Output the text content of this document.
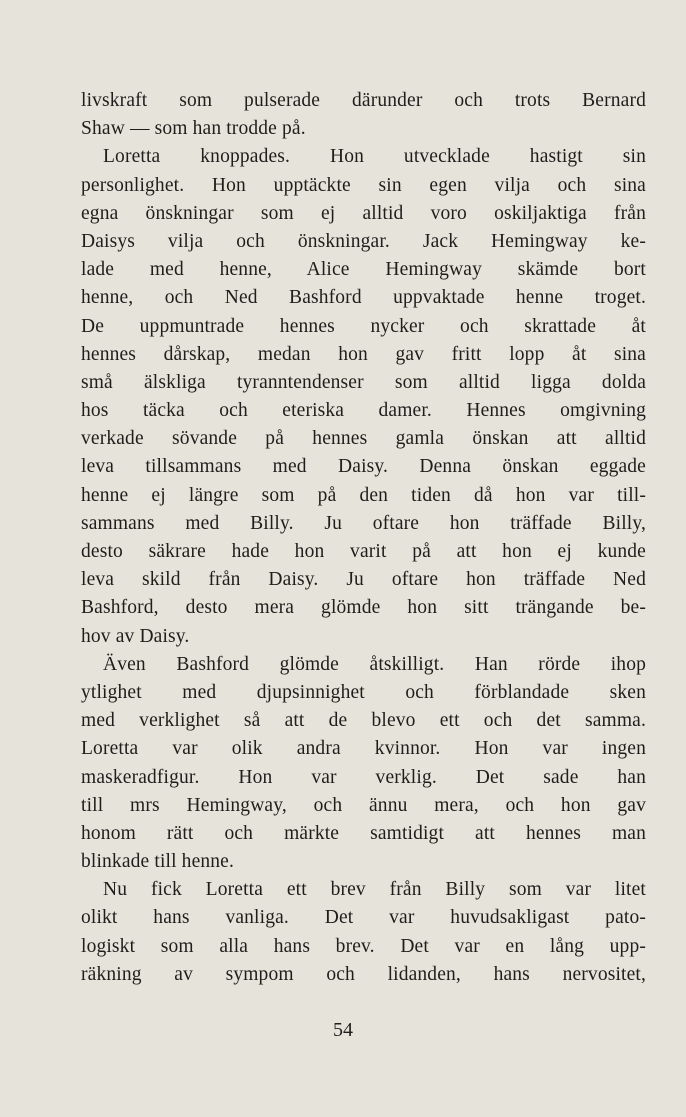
livskraft som pulserade därunder och trots Bernard
Shaw — som han trodde på.
Loretta knoppades. Hon utvecklade hastigt sin
personlighet. Hon upptäckte sin egen vilja och sina
egna önskningar som ej alltid voro oskiljaktiga från
Daisys vilja och önskningar. Jack Hemingway ke-
lade med henne, Alice Hemingway skämde bort
henne, och Ned Bashford uppvaktade henne troget.
De uppmuntrade hennes nycker och skrattade åt
hennes dårskap, medan hon gav fritt lopp åt sina
små älskliga tyranntendenser som alltid ligga dolda
hos täcka och eteriska damer. Hennes omgivning
verkade sövande på hennes gamla önskan att alltid
leva tillsammans med Daisy. Denna önskan eggade
henne ej längre som på den tiden då hon var till-
sammans med Billy. Ju oftare hon träffade Billy,
desto säkrare hade hon varit på att hon ej kunde
leva skild från Daisy. Ju oftare hon träffade Ned
Bashford, desto mera glömde hon sitt trängande be-
hov av Daisy.
Även Bashford glömde åtskilligt. Han rörde ihop
ytlighet med djupsinnighet och förblandade sken
med verklighet så att de blevo ett och det samma.
Loretta var olik andra kvinnor. Hon var ingen
maskeradfigur. Hon var verklig. Det sade han
till mrs Hemingway, och ännu mera, och hon gav
honom rätt och märkte samtidigt att hennes man
blinkade till henne.
Nu fick Loretta ett brev från Billy som var litet
olikt hans vanliga. Det var huvudsakligast pato-
logiskt som alla hans brev. Det var en lång upp-
räkning av sympom och lidanden, hans nervositet,
54
